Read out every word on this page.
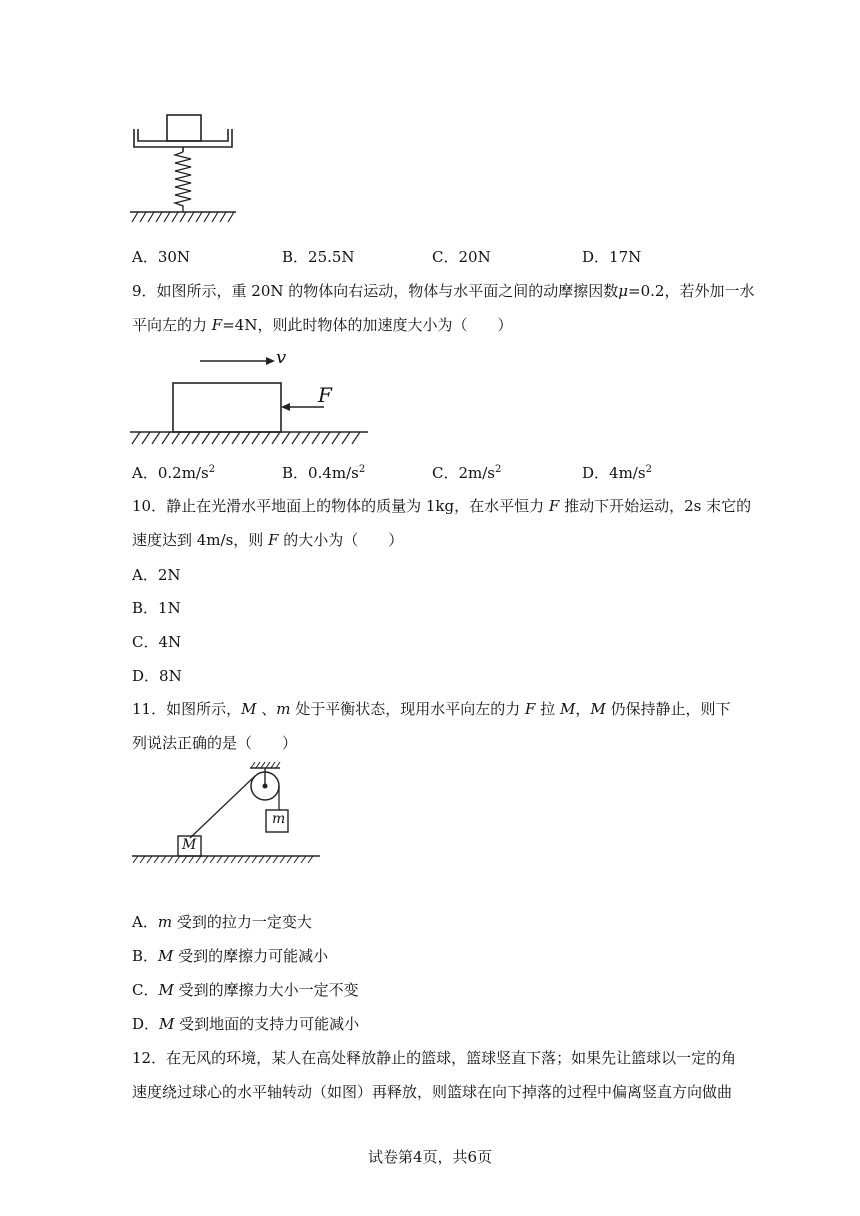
A．30N	B．25.5N	C．20N	D．17N
9．如图所示，重 20N 的物体向右运动，物体与水平面之间的动摩擦因数μ=0.2，若外加一水
平向左的力 F=4N，则此时物体的加速度大小为（　　）
v
F
A．$0.2m/s^2$	B．$0.4m/s^2$	C．$2m/s^2$	D．$4m/s^2$
10．静止在光滑水平地面上的物体的质量为 1kg，在水平恒力 F 推动下开始运动，2s 末它的
速度达到 4m/s，则 F 的大小为（　　）
A．2N
B．1N
C．4N
D．8N
11．如图所示，M 、m 处于平衡状态，现用水平向左的力 F 拉 M，M 仍保持静止，则下
列说法正确的是（　　）
M
m
A．m 受到的拉力一定变大
B．M 受到的摩擦力可能减小
C．M 受到的摩擦力大小一定不变
D．M 受到地面的支持力可能减小
12．在无风的环境，某人在高处释放静止的篮球，篮球竖直下落；如果先让篮球以一定的角
速度绕过球心的水平轴转动（如图）再释放，则篮球在向下掉落的过程中偏离竖直方向做曲
试卷第4页，共6页
